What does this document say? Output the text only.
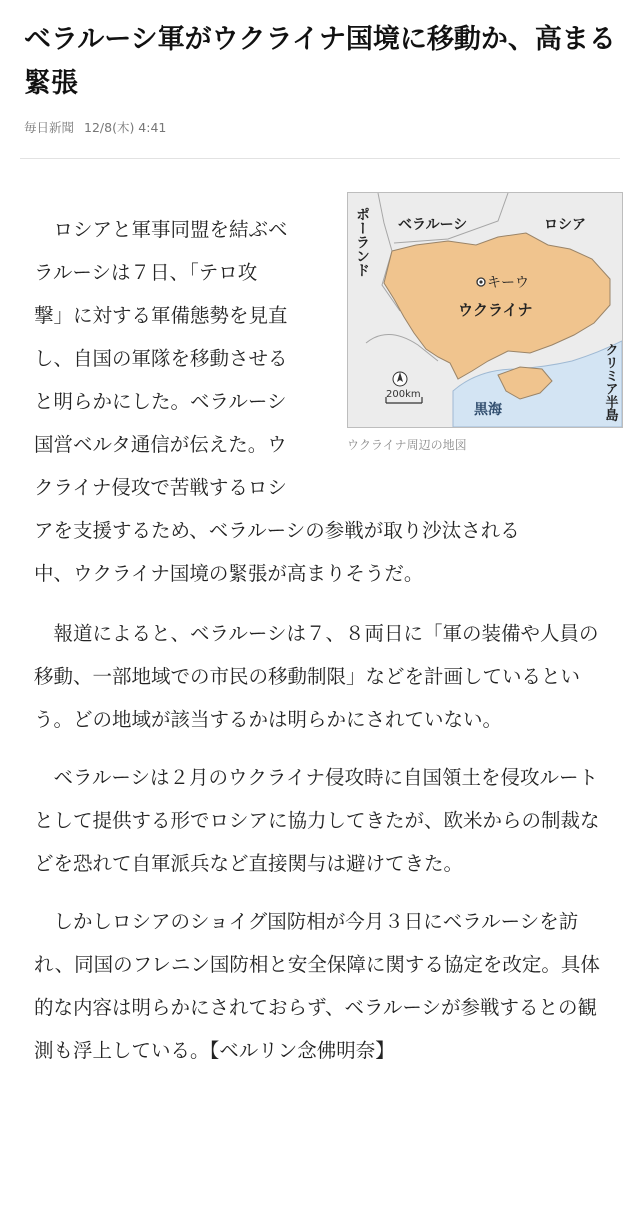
ベラルーシ軍がウクライナ国境に移動か、高まる緊張
毎日新聞 12/8(木) 4:41
ポーランド ベラルーシ	ロシア
キーウ
ウクライナ
黒海	クリミア半島
200km
ウクライナ周辺の地図
ロシアと軍事同盟を結ぶベ
ラルーシは７日、「テロ攻
撃」に対する軍備態勢を見直
し、自国の軍隊を移動させる
と明らかにした。ベラルーシ
国営ベルタ通信が伝えた。ウ
クライナ侵攻で苦戦するロシ
アを支援するため、ベラルーシの参戦が取り沙汰される
中、ウクライナ国境の緊張が高まりそうだ。

報道によると、ベラルーシは７、８両日に「軍の装備や人員の移動、一部地域での市民の移動制限」などを計画しているという。どの地域が該当するかは明らかにされていない。

ベラルーシは２月のウクライナ侵攻時に自国領土を侵攻ルートとして提供する形でロシアに協力してきたが、欧米からの制裁などを恐れて自軍派兵など直接関与は避けてきた。

しかしロシアのショイグ国防相が今月３日にベラルーシを訪れ、同国のフレニン国防相と安全保障に関する協定を改定。具体的な内容は明らかにされておらず、ベラルーシが参戦するとの観測も浮上している。【ベルリン念佛明奈】
